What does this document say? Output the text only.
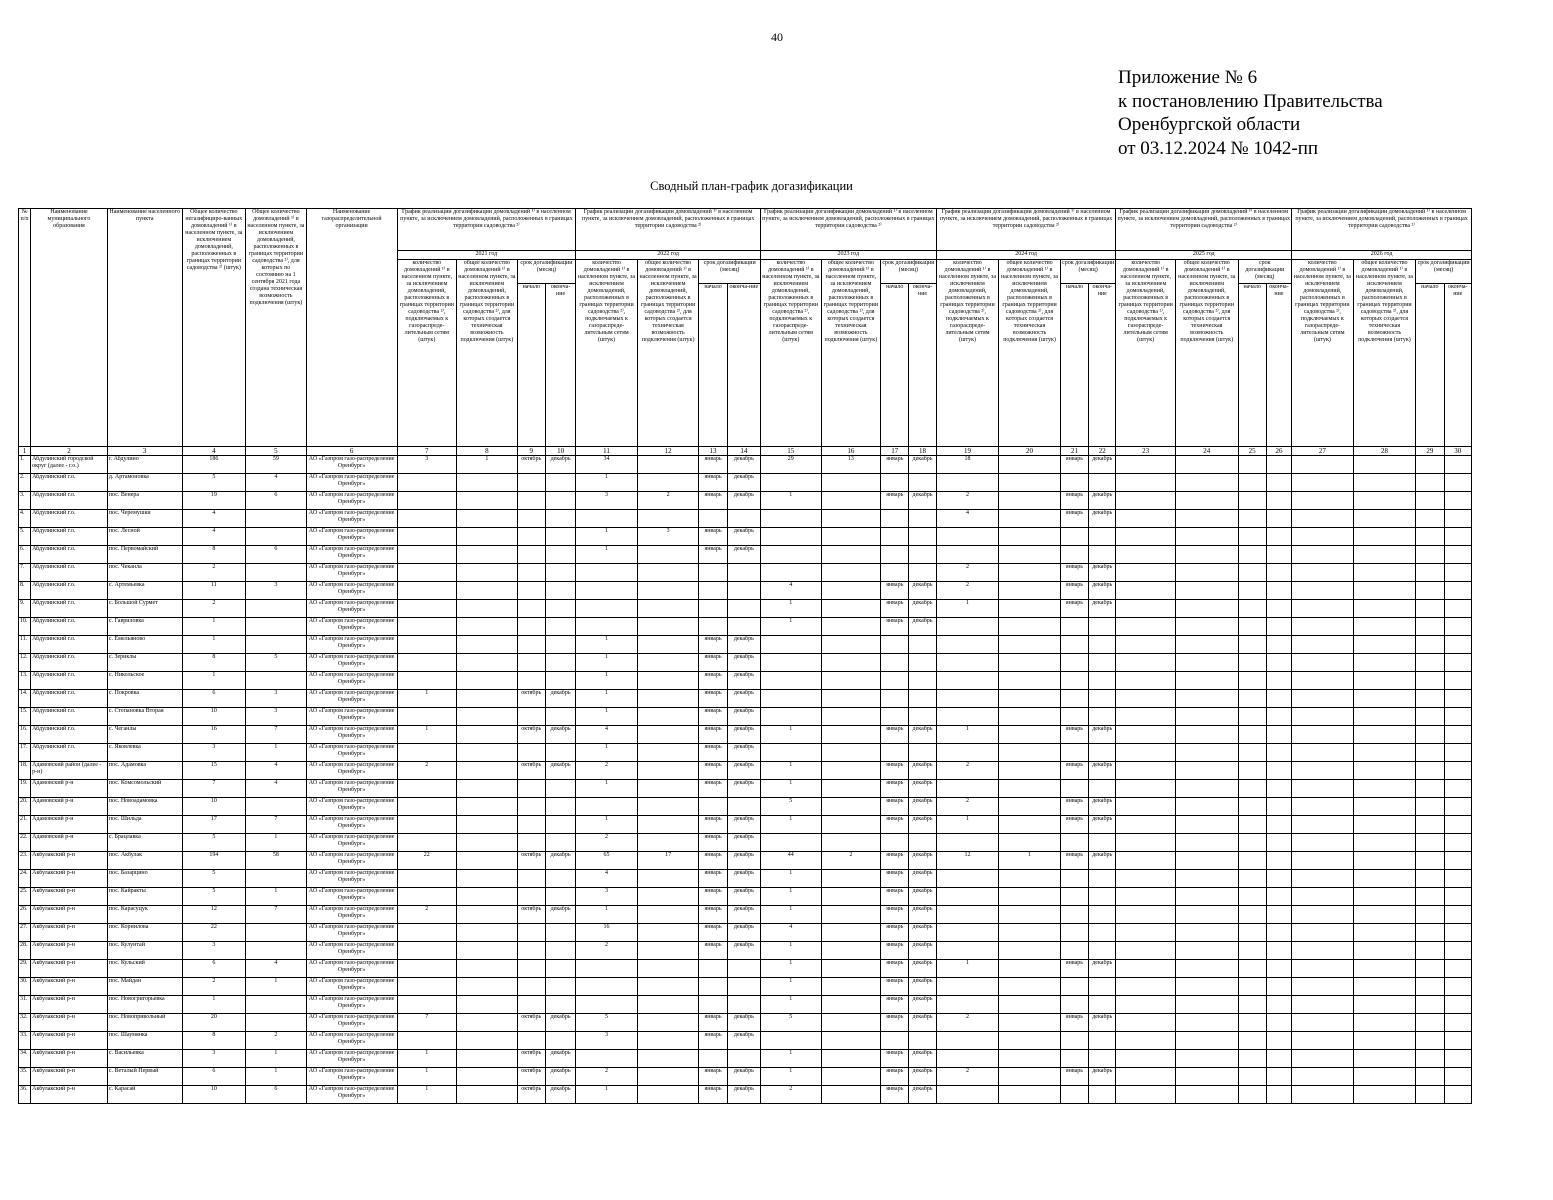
40
Приложение № 6
к постановлению Правительства
Оренбургской области
от 03.12.2024 № 1042-пп
Сводный план-график догазификации
№ п/п	Наименование муниципального образования	Наименование населенного пункта	Общее количество негазифициро-ванных домовладений ¹⁾ в населенном пункте, за исключением домовладений, расположенных в границах территории садоводства ²⁾ (штук)	Общее количество домовладений ¹⁾ в населенном пункте, за исключением домовладений, расположенных в границах территории садоводства ²⁾, для которых по состоянию на 1 сентября 2021 года создана техническая возможность подключения (штук)	Наименование газораспределительной организации	График реализации догазификации домовладений ¹⁾ в населенном пункте, за исключением домовладений, расположенных в границах территории садоводства ²⁾				График реализации догазификации домовладений ¹⁾ в населенном пункте, за исключением домовладений, расположенных в границах территории садоводства ²⁾				График реализации догазификации домовладений ¹⁾ в населенном пункте, за исключением домовладений, расположенных в границах территории садоводства ²⁾				График реализации догазификации домовладений ¹⁾ в населенном пункте, за исключением домовладений, расположенных в границах территории садоводства ²⁾				График реализации догазификации домовладений ¹⁾ в населенном пункте, за исключением домовладений, расположенных в границах территории садоводства ²⁾				График реализации догазификации домовладений ¹⁾ в населенном пункте, за исключением домовладений, расположенных в границах территории садоводства ²⁾			
						2021 год				2022 год				2023 год				2024 год				2025 год				2026 год			
						количество домовладений ¹⁾ в населенном пункте, за исключением домовладений, расположенных в границах территории садоводства ²⁾, подключаемых к газораспреде-лительным сетям (штук)	общее количество домовладений ¹⁾ в населенном пункте, за исключением домовладений, расположенных в границах территории садоводства ²⁾, для которых создается техническая возможность подключения (штук)	срок догазификации (месяц)		количество домовладений ¹⁾ в населенном пункте, за исключением домовладений, расположенных в границах территории садоводства ²⁾, подключаемых к газораспреде-лительным сетям (штук)	общее количество домовладений ¹⁾ в населенном пункте, за исключением домовладений, расположенных в границах территории садоводства ²⁾, для которых создается техническая возможность подключения (штук)	срок догазификации (месяц)		количество домовладений ¹⁾ в населенном пункте, за исключением домовладений, расположенных в границах территории садоводства ²⁾, подключаемых к газораспреде-лительным сетям (штук)	общее количество домовладений ¹⁾ в населенном пункте, за исключением домовладений, расположенных в границах территории садоводства ²⁾, для которых создается техническая возможность подключения (штук)	срок догазификации (месяц)		количество домовладений ¹⁾ в населенном пункте, за исключением домовладений, расположенных в границах территории садоводства ²⁾, подключаемых к газораспреде-лительным сетям (штук)	общее количество домовладений ¹⁾ в населенном пункте, за исключением домовладений, расположенных в границах территории садоводства ²⁾, для которых создается техническая возможность подключения (штук)	срок догазификации (месяц)		количество домовладений ¹⁾ в населенном пункте, за исключением домовладений, расположенных в границах территории садоводства ²⁾, подключаемых к газораспреде-лительным сетям (штук)	общее количество домовладений ¹⁾ в населенном пункте, за исключением домовладений, расположенных в границах территории садоводства ²⁾, для которых создается техническая возможность подключения (штук)	срок догазификации (месяц)		количество домовладений ¹⁾ в населенном пункте, за исключением домовладений, расположенных в границах территории садоводства ²⁾, подключаемых к газораспреде-лительным сетям (штук)	общее количество домовладений ¹⁾ в населенном пункте, за исключением домовладений, расположенных в границах территории садоводства ²⁾, для которых создается техническая возможность подключения (штук)	срок догазификации (месяц)	
								начало	оконча-ние			начало	оконча-ние			начало	оконча-ние			начало	оконча-ние			начало	оконча-ние			начало	оконча-ние
1	2	3	4	5	6	7	8	9	10	11	12	13	14	15	16	17	18	19	20	21	22	23	24	25	26	27	28	29	30
1.	Абдулинский городской округ (далее - г.о.)	г. Абдулино	186	59	АО «Газпром газо-распределение Оренбург»	3	1	октябрь	декабрь	34		январь	декабрь	29	13	январь	декабрь	18		январь	декабрь								
2.	Абдулинский г.о.	д. Артамоновка	5	4	АО «Газпром газо-распределение Оренбург»					1		январь	декабрь																
3.	Абдулинский г.о.	пос. Венера	19	6	АО «Газпром газо-распределение Оренбург»					3	2	январь	декабрь	1		январь	декабрь	2		январь	декабрь								
4.	Абдулинский г.о.	пос. Черемушки	4		АО «Газпром газо-распределение Оренбург»													4		январь	декабрь								
5.	Абдулинский г.о.	пос. Лесной	4		АО «Газпром газо-распределение Оренбург»					1	3	январь	декабрь																
6.	Абдулинский г.о.	пос. Первомайский	8	6	АО «Газпром газо-распределение Оренбург»					1		январь	декабрь																
7.	Абдулинский г.о.	пос. Чеканла	2		АО «Газпром газо-распределение Оренбург»													2		январь	декабрь								
8.	Абдулинский г.о.	с. Артемьевка	11	3	АО «Газпром газо-распределение Оренбург»									4		январь	декабрь	2		январь	декабрь								
9.	Абдулинский г.о.	с. Большой Сурмет	2		АО «Газпром газо-распределение Оренбург»									1		январь	декабрь	1		январь	декабрь								
10.	Абдулинский г.о.	с. Гавриловка	1		АО «Газпром газо-распределение Оренбург»									1		январь	декабрь												
11.	Абдулинский г.о.	с. Емельяново	1		АО «Газпром газо-распределение Оренбург»					1		январь	декабрь																
12.	Абдулинский г.о.	с. Зериклы	8	5	АО «Газпром газо-распределение Оренбург»					1		январь	декабрь																
13.	Абдулинский г.о.	с. Никольское	1		АО «Газпром газо-распределение Оренбург»					1		январь	декабрь																
14.	Абдулинский г.о.	с. Покровка	6	3	АО «Газпром газо-распределение Оренбург»	1		октябрь	декабрь	1		январь	декабрь																
15.	Абдулинский г.о.	с. Степановка Вторая	10	3	АО «Газпром газо-распределение Оренбург»					1		январь	декабрь																
16.	Абдулинский г.о.	с. Чеганлы	16	7	АО «Газпром газо-распределение Оренбург»	1		октябрь	декабрь	4		январь	декабрь	1		январь	декабрь	1		январь	декабрь								
17.	Абдулинский г.о.	с. Яковлевка	3	1	АО «Газпром газо-распределение Оренбург»					1		январь	декабрь																
18.	Адамовский район (далее - р-н)	пос. Адамовка	15	4	АО «Газпром газо-распределение Оренбург»	2		октябрь	декабрь	2		январь	декабрь	1		январь	декабрь	2		январь	декабрь								
19.	Адамовский р-н	пос. Комсомольский	7	4	АО «Газпром газо-распределение Оренбург»					1		январь	декабрь	1		январь	декабрь												
20.	Адамовский р-н	пос. Новоадамовка	10		АО «Газпром газо-распределение Оренбург»									5		январь	декабрь	2		январь	декабрь								
21.	Адамовский р-н	пос. Шильда	17	7	АО «Газпром газо-распределение Оренбург»					1		январь	декабрь	1		январь	декабрь	1		январь	декабрь								
22.	Адамовский р-н	с. Брацлавка	5	1	АО «Газпром газо-распределение Оренбург»					2		январь	декабрь																
23.	Акбулакский р-н	пос. Акбулак	194	58	АО «Газпром газо-распределение Оренбург»	22		октябрь	декабрь	65	17	январь	декабрь	44	2	январь	декабрь	12	1	январь	декабрь								
24.	Акбулакский р-н	пос. Базарцино	5		АО «Газпром газо-распределение Оренбург»					4		январь	декабрь	1		январь	декабрь												
25.	Акбулакский р-н	пос. Кайракты	5	1	АО «Газпром газо-распределение Оренбург»					3		январь	декабрь	1		январь	декабрь												
26.	Акбулакский р-н	пос. Карасуцук	12	7	АО «Газпром газо-распределение Оренбург»	2		октябрь	декабрь	1		январь	декабрь	1		январь	декабрь												
27.	Акбулакский р-н	пос. Корнилова	22		АО «Газпром газо-распределение Оренбург»					16		январь	декабрь	4		январь	декабрь												
28.	Акбулакский р-н	пос. Кулунтай	3		АО «Газпром газо-распределение Оренбург»					2		январь	декабрь	1		январь	декабрь												
29.	Акбулакский р-н	пос. Кульский	6	4	АО «Газпром газо-распределение Оренбург»									1		январь	декабрь	1		январь	декабрь								
30.	Акбулакский р-н	пос. Майдан	2	1	АО «Газпром газо-распределение Оренбург»									1		январь	декабрь												
31.	Акбулакский р-н	пос. Новогригорьевка	1		АО «Газпром газо-распределение Оренбург»									1		январь	декабрь												
32.	Акбулакский р-н	пос. Новопривольный	20		АО «Газпром газо-распределение Оренбург»	7		октябрь	декабрь	5		январь	декабрь	5		январь	декабрь	2		январь	декабрь								
33.	Акбулакский р-н	пос. Шаумянка	8	2	АО «Газпром газо-распределение Оренбург»					3		январь	декабрь																
34.	Акбулакский р-н	с. Васильевка	3	1	АО «Газпром газо-распределение Оренбург»	1		октябрь	декабрь					1		январь	декабрь												
35.	Акбулакский р-н	с. Веталый Первый	6	1	АО «Газпром газо-распределение Оренбург»	1		октябрь	декабрь	2		январь	декабрь	1		январь	декабрь	2		январь	декабрь								
36.	Акбулакский р-н	с. Карасай	10	6	АО «Газпром газо-распределение Оренбург»	1		октябрь	декабрь	1		январь	декабрь	2		январь	декабрь												
